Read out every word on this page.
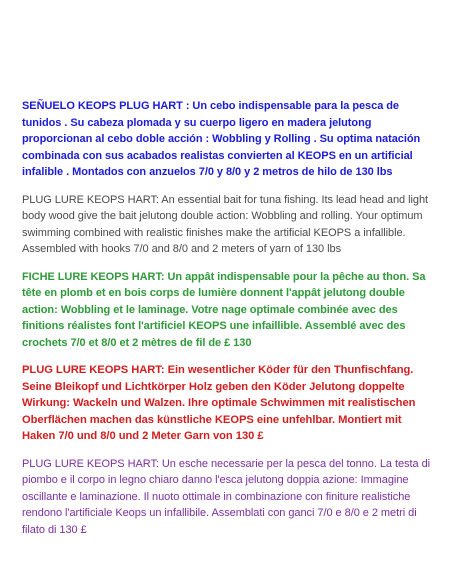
SEÑUELO KEOPS PLUG HART : Un cebo indispensable para la pesca de tunidos . Su cabeza plomada y su cuerpo ligero en madera jelutong proporcionan al cebo doble acción : Wobbling y Rolling . Su optima natación combinada con sus acabados realistas convierten al KEOPS en un artificial infalible . Montados con anzuelos 7/0 y 8/0 y 2 metros de hilo de 130 lbs

PLUG LURE KEOPS HART: An essential bait for tuna fishing. Its lead head and light body wood give the bait jelutong double action: Wobbling and rolling. Your optimum swimming combined with realistic finishes make the artificial KEOPS a infallible. Assembled with hooks 7/0 and 8/0 and 2 meters of yarn of 130 lbs

FICHE LURE KEOPS HART: Un appât indispensable pour la pêche au thon. Sa tête en plomb et en bois corps de lumière donnent l'appât jelutong double action: Wobbling et le laminage. Votre nage optimale combinée avec des finitions réalistes font l'artificiel KEOPS une infaillible. Assemblé avec des crochets 7/0 et 8/0 et 2 mètres de fil de £ 130

PLUG LURE KEOPS HART: Ein wesentlicher Köder für den Thunfischfang. Seine Bleikopf und Lichtkörper Holz geben den Köder Jelutong doppelte Wirkung: Wackeln und Walzen. Ihre optimale Schwimmen mit realistischen Oberflächen machen das künstliche KEOPS eine unfehlbar. Montiert mit Haken 7/0 und 8/0 und 2 Meter Garn von 130 £

PLUG LURE KEOPS HART: Un esche necessarie per la pesca del tonno. La testa di piombo e il corpo in legno chiaro danno l'esca jelutong doppia azione: Immagine oscillante e laminazione. Il nuoto ottimale in combinazione con finiture realistiche rendono l'artificiale Keops un infallibile. Assemblati con ganci 7/0 e 8/0 e 2 metri di filato di 130 £
